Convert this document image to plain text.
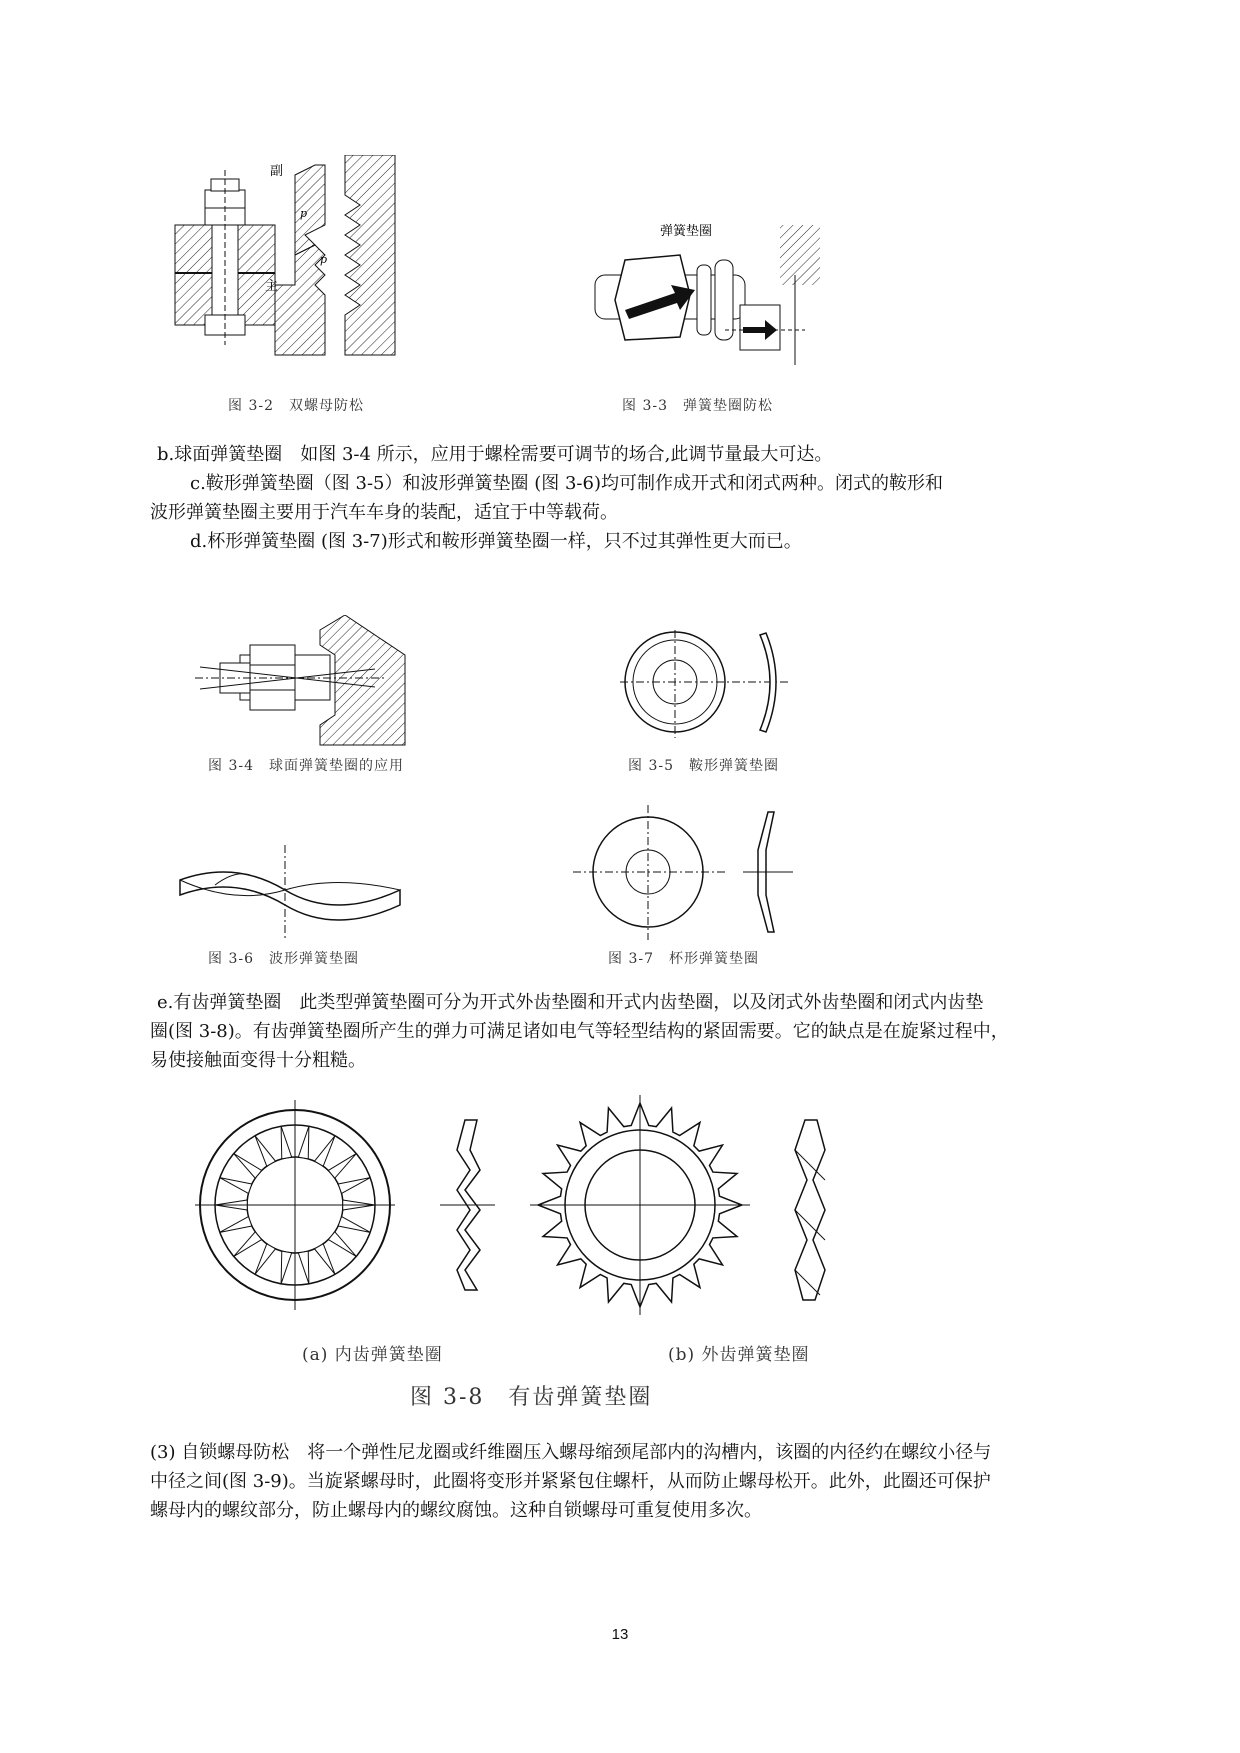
副
主
p
p
图 3-2　双螺母防松
弹簧垫圈
图 3-3　弹簧垫圈防松
b.球面弹簧垫圈　如图 3-4 所示，应用于螺栓需要可调节的场合,此调节量最大可达。
c.鞍形弹簧垫圈（图 3-5）和波形弹簧垫圈 (图 3-6)均可制作成开式和闭式两种。闭式的鞍形和
波形弹簧垫圈主要用于汽车车身的装配，适宜于中等载荷。
d.杯形弹簧垫圈 (图 3-7)形式和鞍形弹簧垫圈一样，只不过其弹性更大而已。
图 3-4　球面弹簧垫圈的应用	图 3-5　鞍形弹簧垫圈
图 3-6　波形弹簧垫圈	图 3-7　杯形弹簧垫圈
e.有齿弹簧垫圈　此类型弹簧垫圈可分为开式外齿垫圈和开式内齿垫圈，以及闭式外齿垫圈和闭式内齿垫
圈(图 3-8)。有齿弹簧垫圈所产生的弹力可满足诸如电气等轻型结构的紧固需要。它的缺点是在旋紧过程中，
易使接触面变得十分粗糙。
(a) 内齿弹簧垫圈	(b) 外齿弹簧垫圈
图 3-8　有齿弹簧垫圈
(3) 自锁螺母防松　将一个弹性尼龙圈或纤维圈压入螺母缩颈尾部内的沟槽内，该圈的内径约在螺纹小径与
中径之间(图 3-9)。当旋紧螺母时，此圈将变形并紧紧包住螺杆，从而防止螺母松开。此外，此圈还可保护
螺母内的螺纹部分，防止螺母内的螺纹腐蚀。这种自锁螺母可重复使用多次。
13
